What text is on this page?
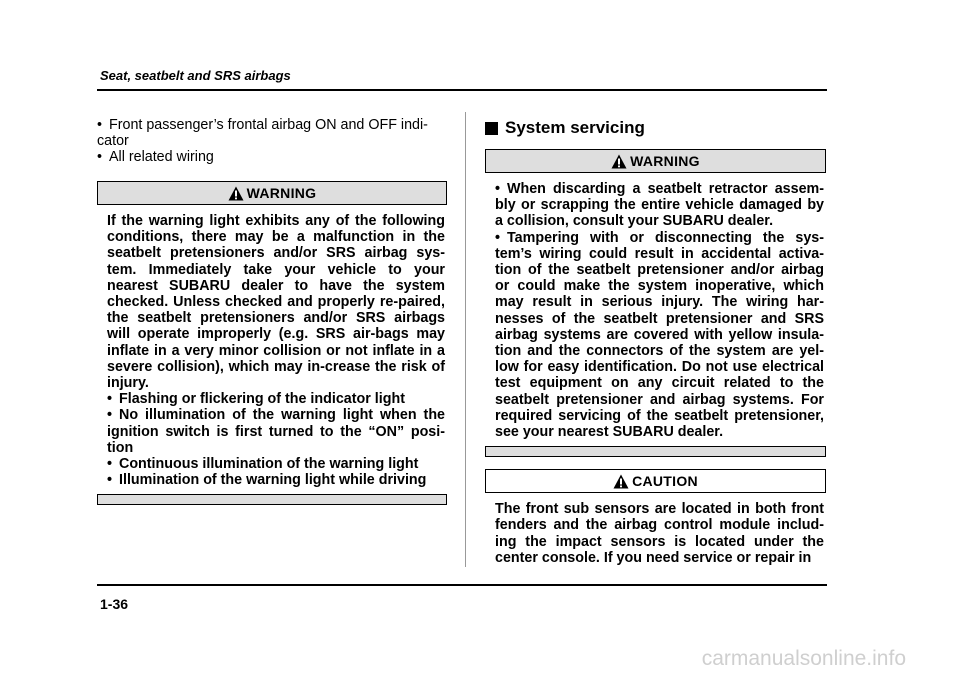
Seat, seatbelt and SRS airbags

• Front passenger’s frontal airbag ON and OFF indi-cator

• All related wiring

WARNING

If the warning light exhibits any of the following conditions, there may be a malfunction in the seatbelt pretensioners and/or SRS airbag sys-tem. Immediately take your vehicle to your nearest SUBARU dealer to have the system checked. Unless checked and properly re-paired, the seatbelt pretensioners and/or SRS airbags will operate improperly (e.g. SRS air-bags may inflate in a very minor collision or not inflate in a severe collision), which may in-crease the risk of injury.

• Flashing or flickering of the indicator light

• No illumination of the warning light when the ignition switch is first turned to the “ON” posi-tion

• Continuous illumination of the warning light

• Illumination of the warning light while driving

System servicing
WARNING

• When discarding a seatbelt retractor assem-bly or scrapping the entire vehicle damaged by a collision, consult your SUBARU dealer.

• Tampering with or disconnecting the sys-tem’s wiring could result in accidental activa-tion of the seatbelt pretensioner and/or airbag or could make the system inoperative, which may result in serious injury. The wiring har-nesses of the seatbelt pretensioner and SRS airbag systems are covered with yellow insula-tion and the connectors of the system are yel-low for easy identification. Do not use electrical test equipment on any circuit related to the seatbelt pretensioner and airbag systems. For required servicing of the seatbelt pretensioner, see your nearest SUBARU dealer.

CAUTION

The front sub sensors are located in both front fenders and the airbag control module includ-ing the impact sensors is located under the center console. If you need service or repair in

1-36
carmanualsonline.info
